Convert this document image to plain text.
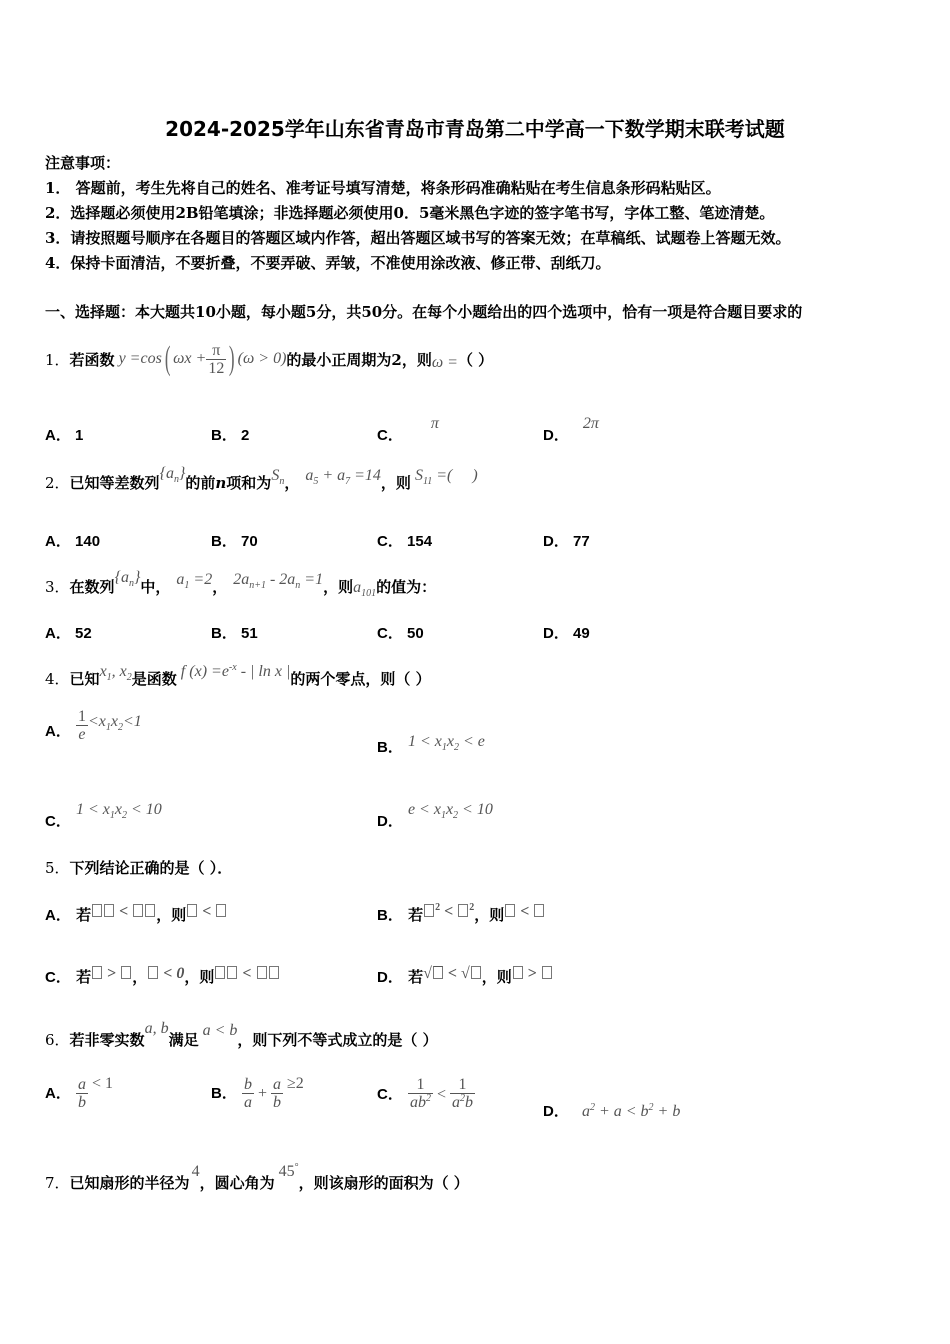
2024-2025学年山东省青岛市青岛第二中学高一下数学期末联考试题
注意事项：
1． 答题前，考生先将自己的姓名、准考证号填写清楚，将条形码准确粘贴在考生信息条形码粘贴区。
2．选择题必须使用2B铅笔填涂；非选择题必须使用0．5毫米黑色字迹的签字笔书写，字体工整、笔迹清楚。
3．请按照题号顺序在各题目的答题区域内作答，超出答题区域书写的答案无效；在草稿纸、试题卷上答题无效。
4．保持卡面清洁，不要折叠，不要弄破、弄皱，不准使用涂改液、修正带、刮纸刀。
一、选择题：本大题共10小题，每小题5分，共50分。在每个小题给出的四个选项中，恰有一项是符合题目要求的
1． 若函数 y =cos ( $\omega x + \frac{\pi}{12}$ ) (ω > 0) 的最小正周期为2，则 ω = （ ）
A． 1	B． 2	C．π
D．2π
2．已知等差数列$\{a_n\}$的前n项和为$S_n$， $a_5 + a_7 =14$，则 $S_{11}$ =(　 )
A． 140	B． 70	C． 154	D． 77
3．在数列$\{a_n\}$中， $a_1 =2$， $2a_{n+1} - 2a_n =1$，则$a_{101}$的值为：
A． 52	B． 51	C． 50	D． 49
4．已知$x_1$, $x_2$是函数 f $(x) =e^{-x}$ - | ln x |的两个零点，则（ ）
A． $\frac{1}{e} <x_1x_2<1$
B． $1 < x_1x_2 < e$
C． $1 < x_1x_2 < 10$
D． $e < x_1x_2 < 10$
5．下列结论正确的是（ ）．
A． 若 < ，则 <	B． 若 $^2$ < $^2$，则 <
C． 若 > ， < 0，则 <	D． 若√ < √ ，则 >
6．若非零实数a, b满足a < b，则下列不等式成立的是（ ）
A． $\frac{a}{b} < 1$
B． $\frac{b}{a} + \frac{a}{b} \ge 2$
C． $\frac{1}{ab^2} < \frac{1}{a^2b}$	D． $a^2 + a < b^2 + b$
7．已知扇形的半径为4，圆心角为45°，则该扇形的面积为（ ）
